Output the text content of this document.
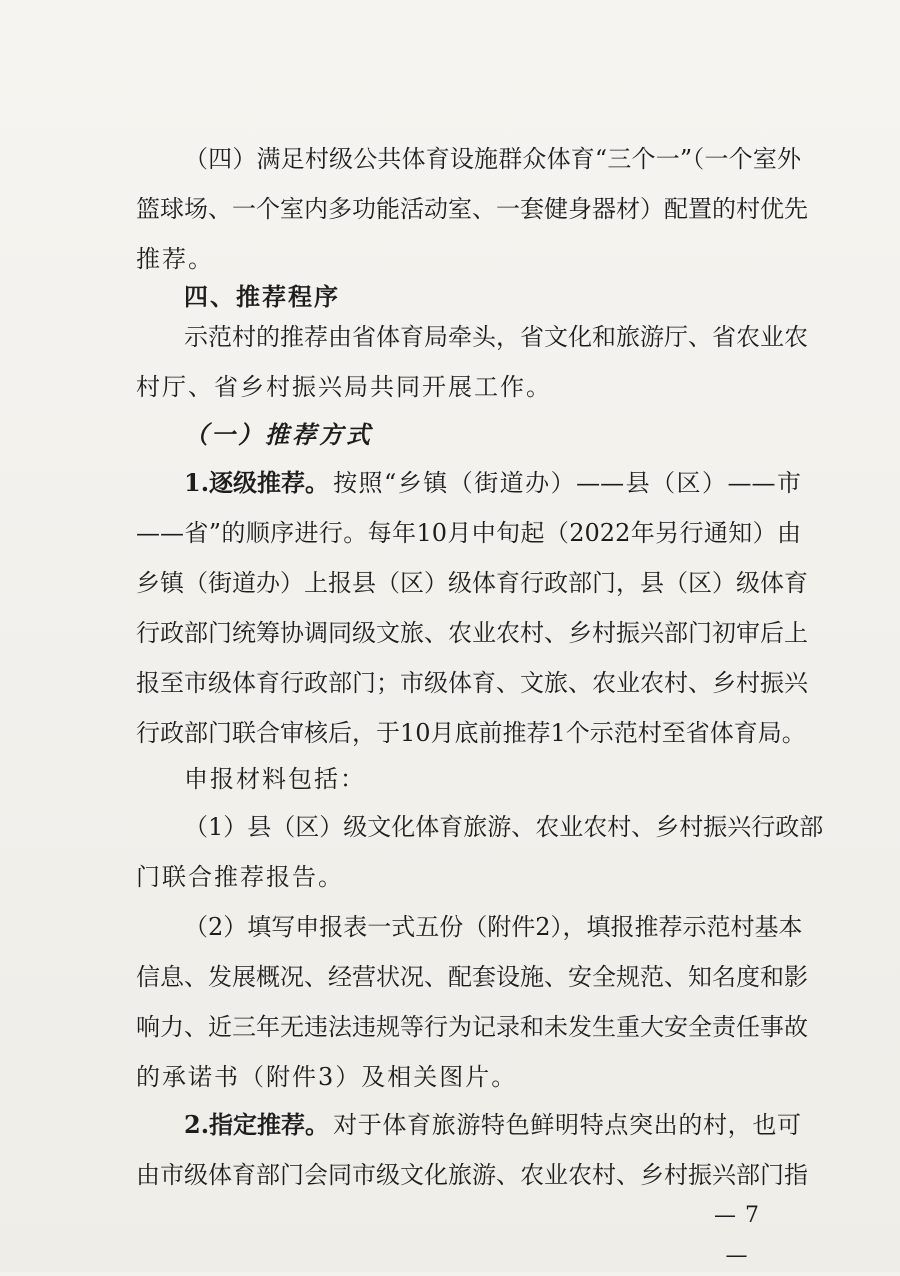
（四）满足村级公共体育设施群众体育“三个一”（一个室外
篮球场、一个室内多功能活动室、一套健身器材）配置的村优先
推荐。
四、推荐程序
示范村的推荐由省体育局牵头，省文化和旅游厅、省农业农
村厅、省乡村振兴局共同开展工作。
（一）推荐方式
1.逐级推荐。 按照“乡镇（街道办）——县（区）——市
——省”的顺序进行。每年10月中旬起（2022年另行通知）由
乡镇（街道办）上报县（区）级体育行政部门，县（区）级体育
行政部门统筹协调同级文旅、农业农村、乡村振兴部门初审后上
报至市级体育行政部门；市级体育、文旅、农业农村、乡村振兴
行政部门联合审核后，于10月底前推荐1个示范村至省体育局。
申报材料包括：
（1）县（区）级文化体育旅游、农业农村、乡村振兴行政部
门联合推荐报告。
（2）填写申报表一式五份（附件2），填报推荐示范村基本
信息、发展概况、经营状况、配套设施、安全规范、知名度和影
响力、近三年无违法违规等行为记录和未发生重大安全责任事故
的承诺书（附件3）及相关图片。
2.指定推荐。 对于体育旅游特色鲜明特点突出的村，也可
由市级体育部门会同市级文化旅游、农业农村、乡村振兴部门指
— 7 —
